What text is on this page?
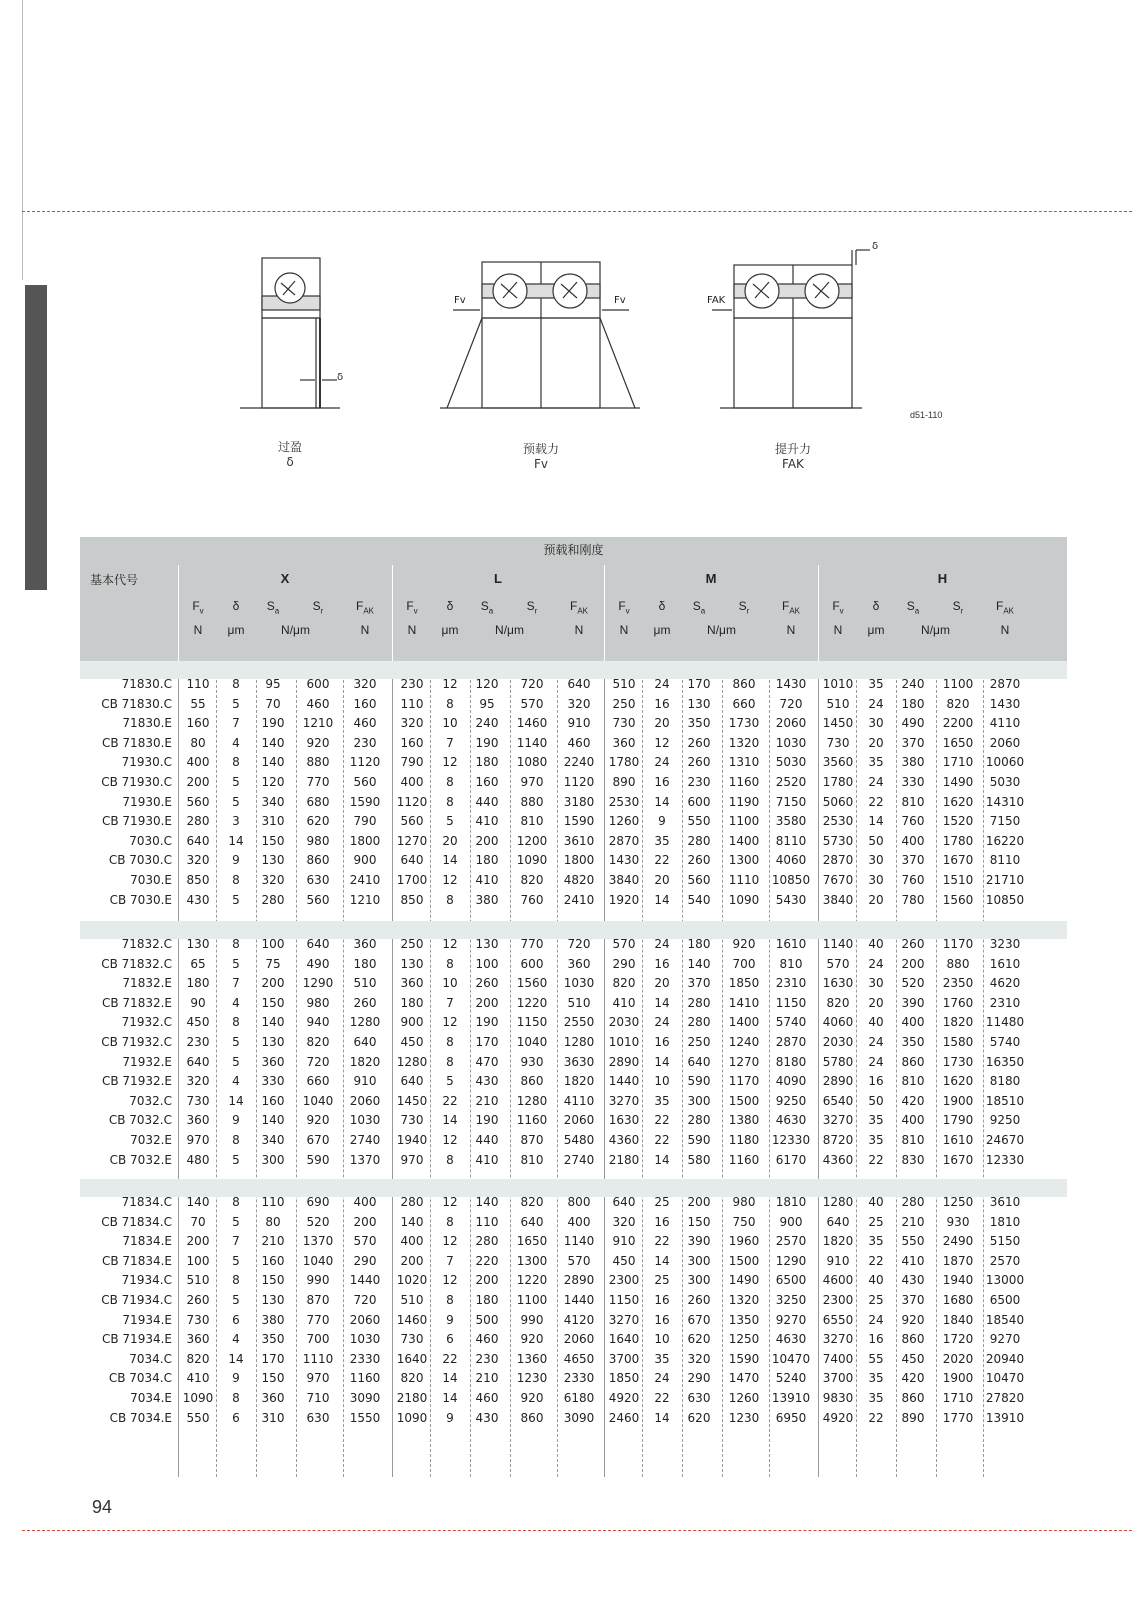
δ
Fv	Fv	FAK
δ
过盈
δ
预载力
Fv
提升力
FAK
d51-110
预载和刚度
基本代号	X
$F_v$	δ	$S_a$	$S_r$	$F_{AK}$
N	μm	N/μm	N
L
$F_v$	δ	$S_a$	$S_r$	$F_{AK}$
N	μm	N/μm	N
M
$F_v$	δ	$S_a$	$S_r$	$F_{AK}$
N	μm	N/μm	N
H
$F_v$	δ	$S_a$	$S_r$	$F_{AK}$
N	μm	N/μm	N
71830.C	110	8	95	600	320	230	12	120	720	640	510	24	170	860	1430	1010	35	240	1100	2870
CB 71830.C	55	5	70	460	160	110	8	95	570	320	250	16	130	660	720	510	24	180	820	1430
71830.E	160	7	190	1210	460	320	10	240	1460	910	730	20	350	1730	2060	1450	30	490	2200	4110
CB 71830.E	80	4	140	920	230	160	7	190	1140	460	360	12	260	1320	1030	730	20	370	1650	2060
71930.C	400	8	140	880	1120	790	12	180	1080	2240	1780	24	260	1310	5030	3560	35	380	1710	10060
CB 71930.C	200	5	120	770	560	400	8	160	970	1120	890	16	230	1160	2520	1780	24	330	1490	5030
71930.E	560	5	340	680	1590	1120	8	440	880	3180	2530	14	600	1190	7150	5060	22	810	1620	14310
CB 71930.E	280	3	310	620	790	560	5	410	810	1590	1260	9	550	1100	3580	2530	14	760	1520	7150
7030.C	640	14	150	980	1800	1270	20	200	1200	3610	2870	35	280	1400	8110	5730	50	400	1780	16220
CB 7030.C	320	9	130	860	900	640	14	180	1090	1800	1430	22	260	1300	4060	2870	30	370	1670	8110
7030.E	850	8	320	630	2410	1700	12	410	820	4820	3840	20	560	1110	10850	7670	30	760	1510	21710
CB 7030.E	430	5	280	560	1210	850	8	380	760	2410	1920	14	540	1090	5430	3840	20	780	1560	10850
71832.C	130	8	100	640	360	250	12	130	770	720	570	24	180	920	1610	1140	40	260	1170	3230
CB 71832.C	65	5	75	490	180	130	8	100	600	360	290	16	140	700	810	570	24	200	880	1610
71832.E	180	7	200	1290	510	360	10	260	1560	1030	820	20	370	1850	2310	1630	30	520	2350	4620
CB 71832.E	90	4	150	980	260	180	7	200	1220	510	410	14	280	1410	1150	820	20	390	1760	2310
71932.C	450	8	140	940	1280	900	12	190	1150	2550	2030	24	280	1400	5740	4060	40	400	1820	11480
CB 71932.C	230	5	130	820	640	450	8	170	1040	1280	1010	16	250	1240	2870	2030	24	350	1580	5740
71932.E	640	5	360	720	1820	1280	8	470	930	3630	2890	14	640	1270	8180	5780	24	860	1730	16350
CB 71932.E	320	4	330	660	910	640	5	430	860	1820	1440	10	590	1170	4090	2890	16	810	1620	8180
7032.C	730	14	160	1040	2060	1450	22	210	1280	4110	3270	35	300	1500	9250	6540	50	420	1900	18510
CB 7032.C	360	9	140	920	1030	730	14	190	1160	2060	1630	22	280	1380	4630	3270	35	400	1790	9250
7032.E	970	8	340	670	2740	1940	12	440	870	5480	4360	22	590	1180	12330	8720	35	810	1610	24670
CB 7032.E	480	5	300	590	1370	970	8	410	810	2740	2180	14	580	1160	6170	4360	22	830	1670	12330
71834.C	140	8	110	690	400	280	12	140	820	800	640	25	200	980	1810	1280	40	280	1250	3610
CB 71834.C	70	5	80	520	200	140	8	110	640	400	320	16	150	750	900	640	25	210	930	1810
71834.E	200	7	210	1370	570	400	12	280	1650	1140	910	22	390	1960	2570	1820	35	550	2490	5150
CB 71834.E	100	5	160	1040	290	200	7	220	1300	570	450	14	300	1500	1290	910	22	410	1870	2570
71934.C	510	8	150	990	1440	1020	12	200	1220	2890	2300	25	300	1490	6500	4600	40	430	1940	13000
CB 71934.C	260	5	130	870	720	510	8	180	1100	1440	1150	16	260	1320	3250	2300	25	370	1680	6500
71934.E	730	6	380	770	2060	1460	9	500	990	4120	3270	16	670	1350	9270	6550	24	920	1840	18540
CB 71934.E	360	4	350	700	1030	730	6	460	920	2060	1640	10	620	1250	4630	3270	16	860	1720	9270
7034.C	820	14	170	1110	2330	1640	22	230	1360	4650	3700	35	320	1590	10470	7400	55	450	2020	20940
CB 7034.C	410	9	150	970	1160	820	14	210	1230	2330	1850	24	290	1470	5240	3700	35	420	1900	10470
7034.E 1090	8	360	710	3090	2180	14	460	920	6180	4920	22	630	1260	13910	9830	35	860	1710	27820
CB 7034.E	550	6	310	630	1550	1090	9	430	860	3090	2460	14	620	1230	6950	4920	22	890	1770	13910
94
